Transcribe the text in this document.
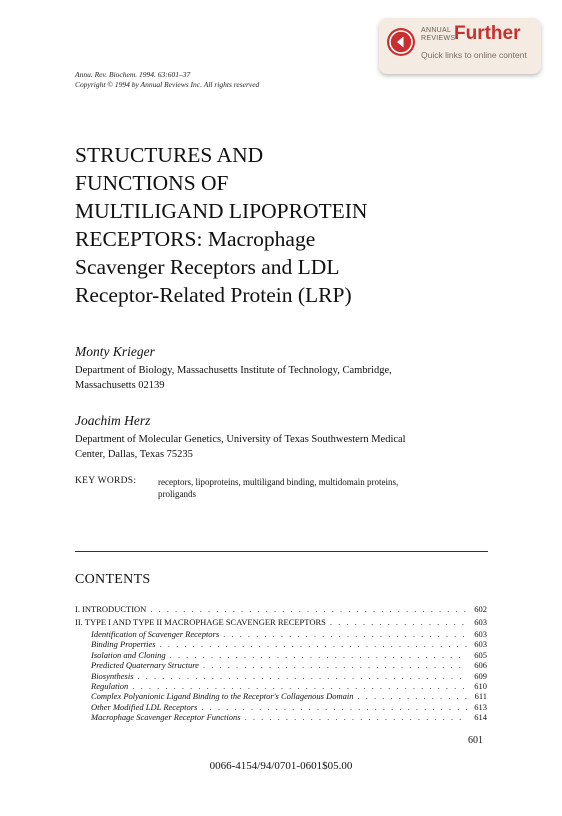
ANNUAL
REVIEWS
Further
Quick links to online content
Annu. Rev. Biochem. 1994. 63:601–37
Copyright © 1994 by Annual Reviews Inc. All rights reserved
STRUCTURES AND
FUNCTIONS OF
MULTILIGAND LIPOPROTEIN
RECEPTORS: Macrophage
Scavenger Receptors and LDL
Receptor-Related Protein (LRP)
Monty Krieger
Department of Biology, Massachusetts Institute of Technology, Cambridge,
Massachusetts 02139
Joachim Herz
Department of Molecular Genetics, University of Texas Southwestern Medical
Center, Dallas, Texas 75235
KEY WORDS: receptors, lipoproteins, multiligand binding, multidomain proteins,
proligands
CONTENTS
I. INTRODUCTION . . .	602
II. TYPE I AND TYPE II MACROPHAGE SCAVENGER RECEPTORS . . .	603
Identification of Scavenger Receptors . . .	603
Binding Properties . . .	603
Isolation and Cloning . . .	605
Predicted Quaternary Structure . . .	606
Biosynthesis . . .	609
Regulation . . .	610
Complex Polyanionic Ligand Binding to the Receptor's Collagenous Domain . . .	611
Other Modified LDL Receptors . . .	613
Macrophage Scavenger Receptor Functions . . .	614
601
0066-4154/94/0701-0601$05.00
